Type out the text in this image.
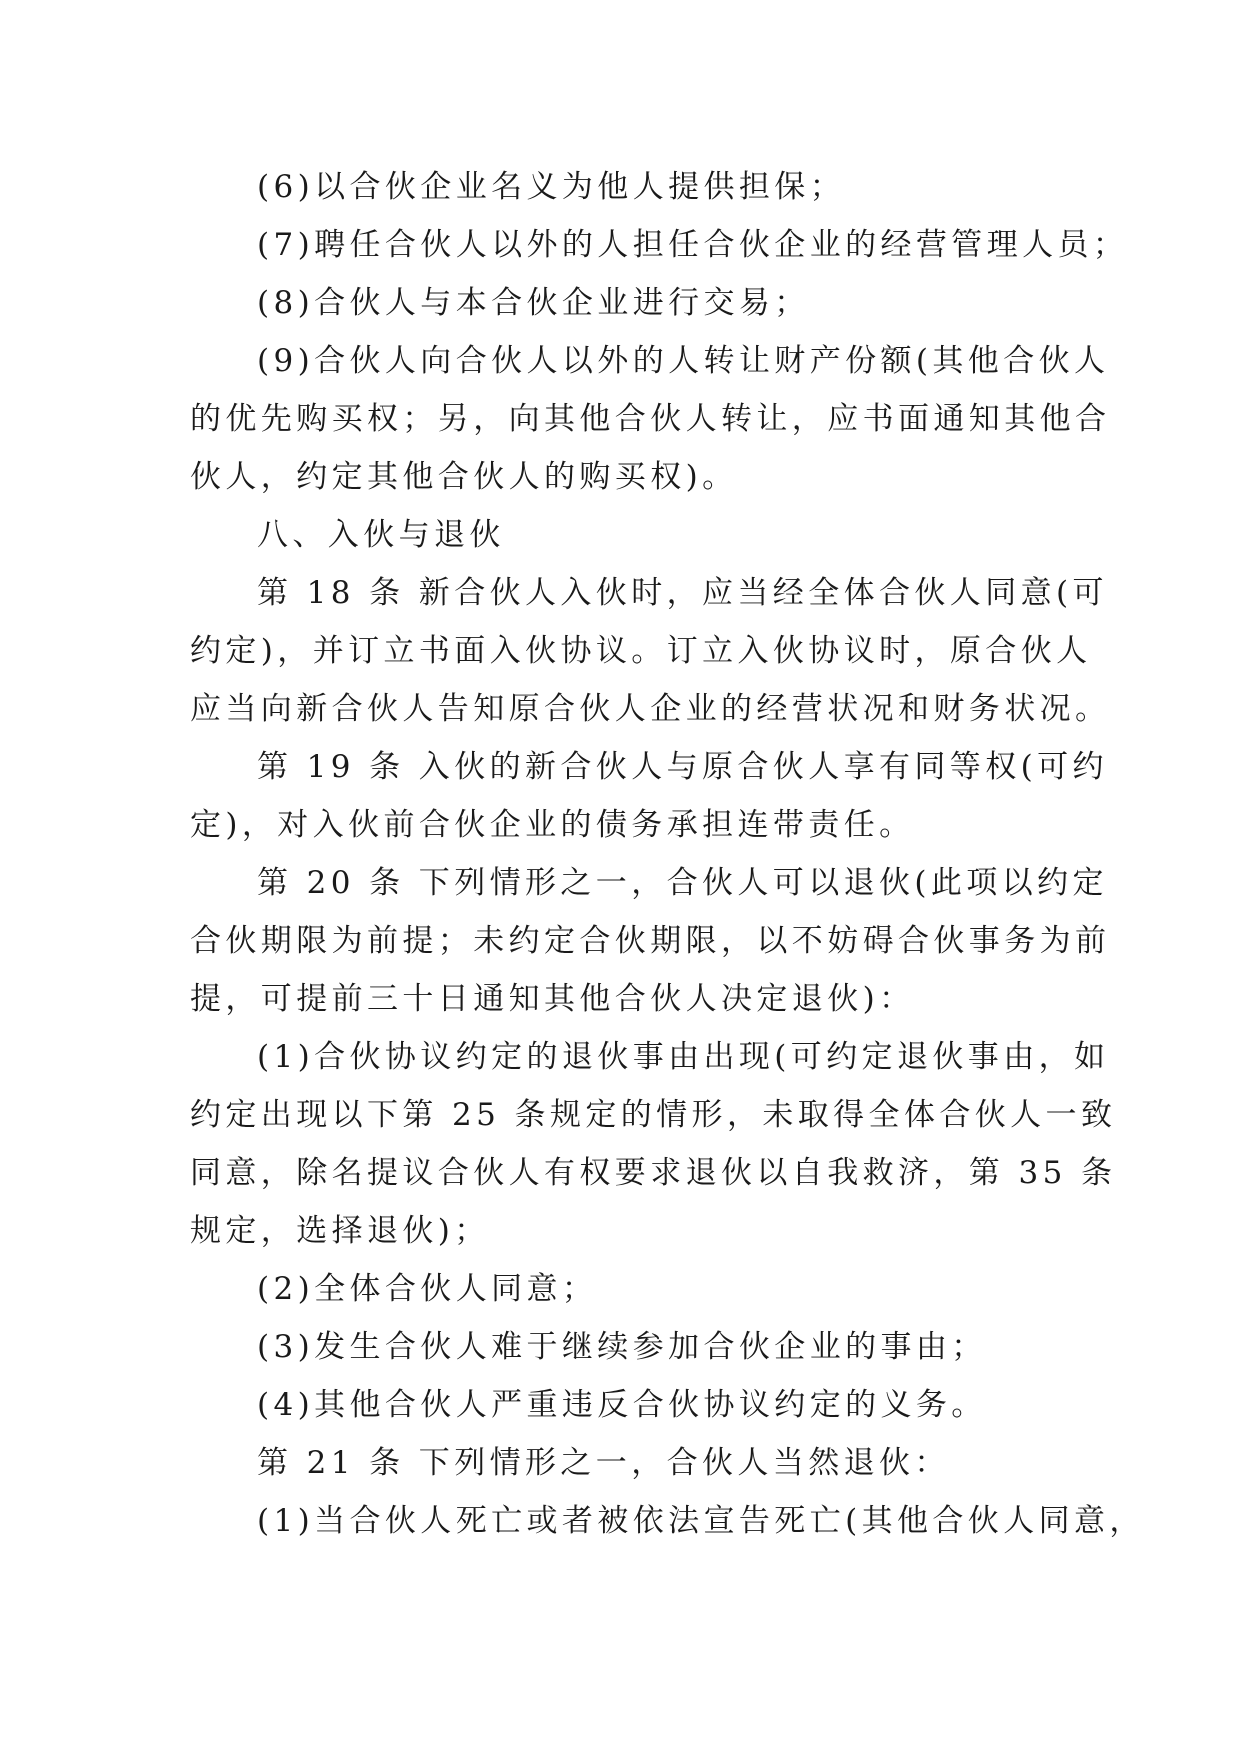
(6)以合伙企业名义为他人提供担保；
(7)聘任合伙人以外的人担任合伙企业的经营管理人员；
(8)合伙人与本合伙企业进行交易；
(9)合伙人向合伙人以外的人转让财产份额(其他合伙人
的优先购买权；另，向其他合伙人转让，应书面通知其他合
伙人，约定其他合伙人的购买权)。
八、入伙与退伙
第 18 条 新合伙人入伙时，应当经全体合伙人同意(可
约定)，并订立书面入伙协议。订立入伙协议时，原合伙人
应当向新合伙人告知原合伙人企业的经营状况和财务状况。
第 19 条 入伙的新合伙人与原合伙人享有同等权(可约
定)，对入伙前合伙企业的债务承担连带责任。
第 20 条 下列情形之一，合伙人可以退伙(此项以约定
合伙期限为前提；未约定合伙期限，以不妨碍合伙事务为前
提，可提前三十日通知其他合伙人决定退伙)：
(1)合伙协议约定的退伙事由出现(可约定退伙事由，如
约定出现以下第 25 条规定的情形，未取得全体合伙人一致
同意，除名提议合伙人有权要求退伙以自我救济，第 35 条
规定，选择退伙)；
(2)全体合伙人同意；
(3)发生合伙人难于继续参加合伙企业的事由；
(4)其他合伙人严重违反合伙协议约定的义务。
第 21 条 下列情形之一，合伙人当然退伙：
(1)当合伙人死亡或者被依法宣告死亡(其他合伙人同意，
